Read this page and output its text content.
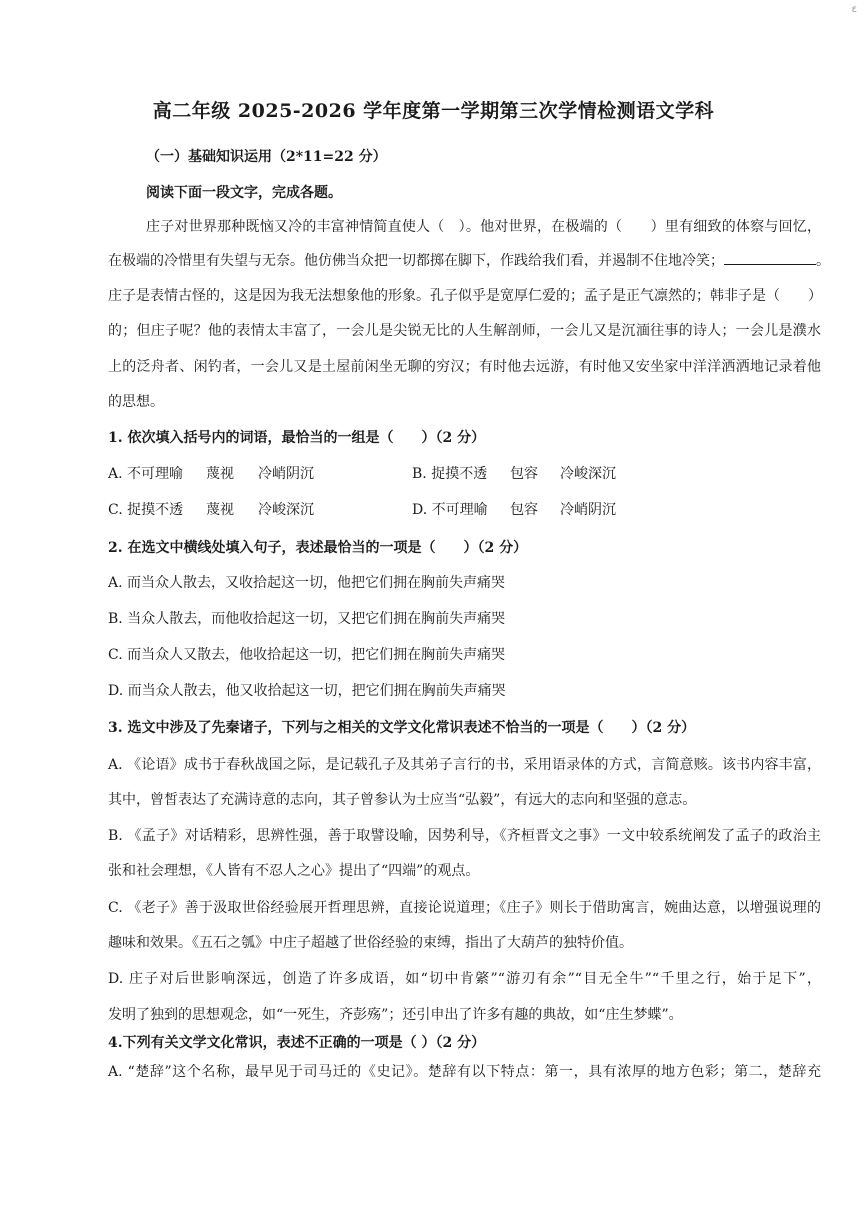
ε
高二年级 2025-2026 学年度第一学期第三次学情检测语文学科
（一）基础知识运用（2*11=22 分）
阅读下面一段文字，完成各题。
庄子对世界那种既恼又冷的丰富神情简直使人（　）。他对世界，在极端的（　　）里有细致的体察与回忆，
在极端的冷惜里有失望与无奈。他仿佛当众把一切都掷在脚下，作践给我们看，并遏制不住地冷笑；	。
庄子是表情古怪的，这是因为我无法想象他的形象。孔子似乎是宽厚仁爱的；孟子是正气凛然的；韩非子是（　　）
的；但庄子呢？他的表情太丰富了，一会儿是尖锐无比的人生解剖师，一会儿又是沉湎往事的诗人；一会儿是濮水
上的泛舟者、闲钓者，一会儿又是土屋前闲坐无聊的穷汉；有时他去远游，有时他又安坐家中洋洋洒洒地记录着他
的思想。
1. 依次填入括号内的词语，最恰当的一组是（　　）（2 分）
A. 不可理喻 蔑视 冷峭阴沉	B. 捉摸不透 包容 冷峻深沉
C. 捉摸不透 蔑视 冷峻深沉	D. 不可理喻 包容 冷峭阴沉
2. 在选文中横线处填入句子，表述最恰当的一项是（　　）（2 分）
A. 而当众人散去，又收拾起这一切，他把它们拥在胸前失声痛哭
B. 当众人散去，而他收拾起这一切，又把它们拥在胸前失声痛哭
C. 而当众人又散去，他收拾起这一切，把它们拥在胸前失声痛哭
D. 而当众人散去，他又收拾起这一切，把它们拥在胸前失声痛哭
3. 选文中涉及了先秦诸子，下列与之相关的文学文化常识表述不恰当的一项是（　　）（2 分）
A. 《论语》成书于春秋战国之际，是记载孔子及其弟子言行的书，采用语录体的方式，言简意赅。该书内容丰富，
其中，曾皙表达了充满诗意的志向，其子曾参认为士应当“弘毅”，有远大的志向和坚强的意志。
B. 《孟子》对话精彩，思辨性强，善于取譬设喻，因势利导，《齐桓晋文之事》一文中较系统阐发了孟子的政治主
张和社会理想，《人皆有不忍人之心》提出了“四端”的观点。
C. 《老子》善于汲取世俗经验展开哲理思辨，直接论说道理；《庄子》则长于借助寓言，婉曲达意，以增强说理的
趣味和效果。《五石之瓠》中庄子超越了世俗经验的束缚，指出了大葫芦的独特价值。
D. 庄子对后世影响深远，创造了许多成语，如“切中肯綮”“游刃有余”“目无全牛”“千里之行，始于足下”，
发明了独到的思想观念，如“一死生，齐彭殇”；还引申出了许多有趣的典故，如“庄生梦蝶”。
4.下列有关文学文化常识，表述不正确的一项是（ ）（2 分）
A. “楚辞”这个名称，最早见于司马迁的《史记》。楚辞有以下特点：第一，具有浓厚的地方色彩；第二，楚辞充
